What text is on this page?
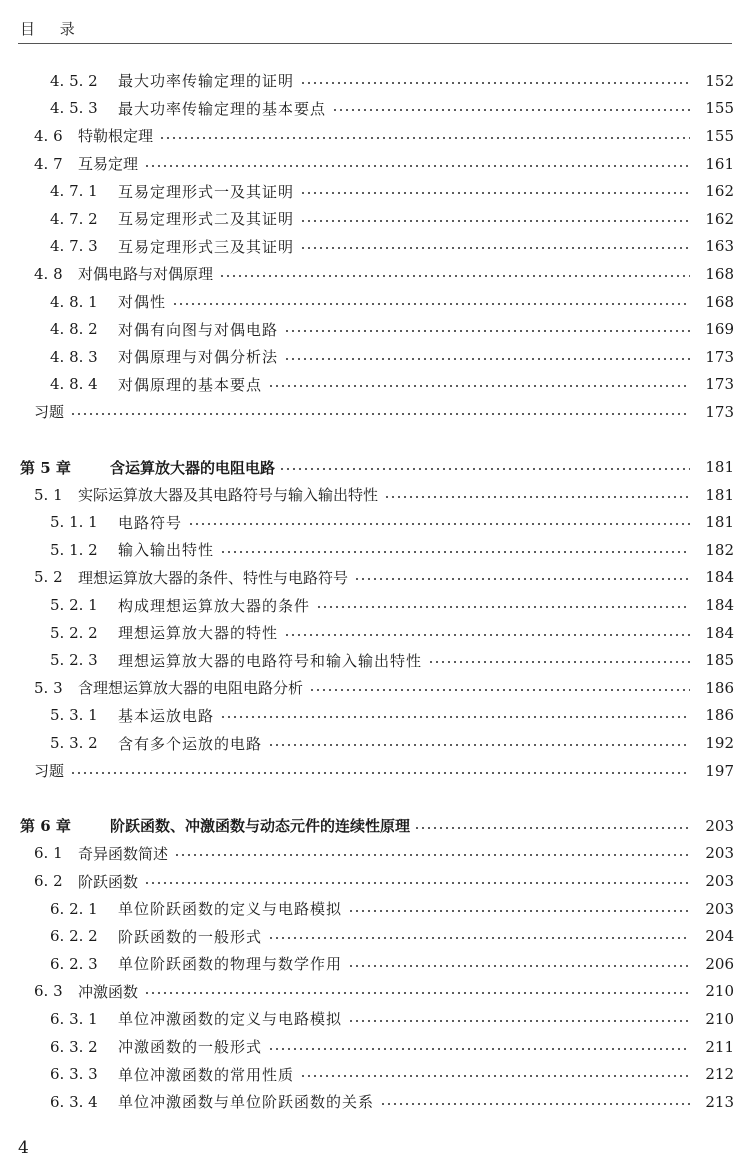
目 录
4. 5. 2	最大功率传输定理的证明	152
4. 5. 3	最大功率传输定理的基本要点	155
4. 6	特勒根定理	155
4. 7	互易定理	161
4. 7. 1	互易定理形式一及其证明	162
4. 7. 2	互易定理形式二及其证明	162
4. 7. 3	互易定理形式三及其证明	163
4. 8	对偶电路与对偶原理	168
4. 8. 1	对偶性	168
4. 8. 2	对偶有向图与对偶电路	169
4. 8. 3	对偶原理与对偶分析法	173
4. 8. 4	对偶原理的基本要点	173
习题	173
第 5 章	含运算放大器的电阻电路	181
5. 1	实际运算放大器及其电路符号与输入输出特性	181
5. 1. 1	电路符号	181
5. 1. 2	输入输出特性	182
5. 2	理想运算放大器的条件、特性与电路符号	184
5. 2. 1	构成理想运算放大器的条件	184
5. 2. 2	理想运算放大器的特性	184
5. 2. 3	理想运算放大器的电路符号和输入输出特性	185
5. 3	含理想运算放大器的电阻电路分析	186
5. 3. 1	基本运放电路	186
5. 3. 2	含有多个运放的电路	192
习题	197
第 6 章	阶跃函数、冲激函数与动态元件的连续性原理	203
6. 1	奇异函数简述	203
6. 2	阶跃函数	203
6. 2. 1	单位阶跃函数的定义与电路模拟	203
6. 2. 2	阶跃函数的一般形式	204
6. 2. 3	单位阶跃函数的物理与数学作用	206
6. 3	冲激函数	210
6. 3. 1	单位冲激函数的定义与电路模拟	210
6. 3. 2	冲激函数的一般形式	211
6. 3. 3	单位冲激函数的常用性质	212
6. 3. 4	单位冲激函数与单位阶跃函数的关系	213
4
